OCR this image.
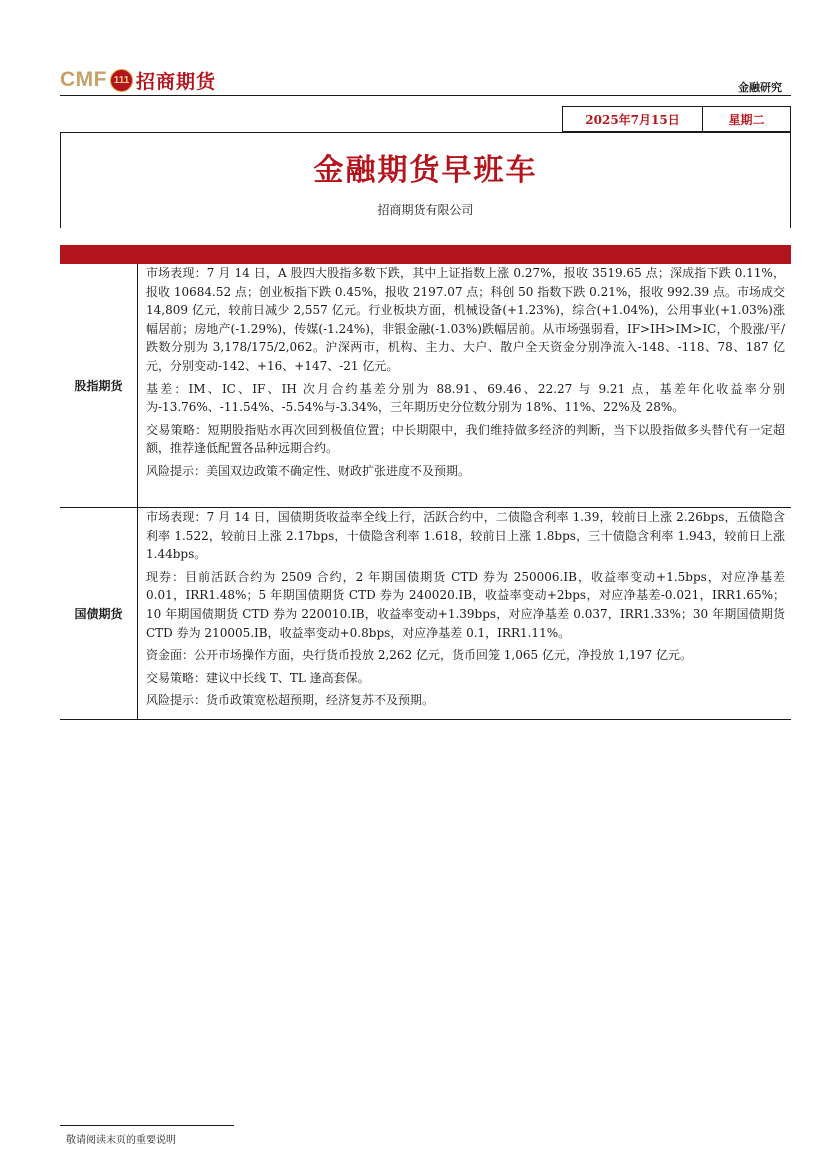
CMF 111 招商期货	金融研究
2025年7月15日	星期二
金融期货早班车
招商期货有限公司
股指期货

市场表现：7 月 14 日，A 股四大股指多数下跌，其中上证指数上涨 0.27%，报收 3519.65 点；深成指下跌 0.11%，报收 10684.52 点；创业板指下跌 0.45%，报收 2197.07 点；科创 50 指数下跌 0.21%，报收 992.39 点。市场成交 14,809 亿元，较前日减少 2,557 亿元。行业板块方面，机械设备(+1.23%)，综合(+1.04%)，公用事业(+1.03%)涨幅居前；房地产(-1.29%)，传媒(-1.24%)，非银金融(-1.03%)跌幅居前。从市场强弱看，IF>IH>IM>IC，个股涨/平/跌数分别为 3,178/175/2,062。沪深两市，机构、主力、大户、散户全天资金分别净流入-148、-118、78、187 亿元，分别变动-142、+16、+147、-21 亿元。

基差：IM、IC、IF、IH 次月合约基差分别为 88.91、69.46、22.27 与 9.21 点，基差年化收益率分别为-13.76%、-11.54%、-5.54%与-3.34%，三年期历史分位数分别为 18%、11%、22%及 28%。

交易策略：短期股指贴水再次回到极值位置；中长期限中，我们维持做多经济的判断，当下以股指做多头替代有一定超额，推荐逢低配置各品种远期合约。

风险提示：美国双边政策不确定性、财政扩张进度不及预期。

国债期货

市场表现：7 月 14 日，国债期货收益率全线上行，活跃合约中，二债隐含利率 1.39，较前日上涨 2.26bps，五债隐含利率 1.522，较前日上涨 2.17bps，十债隐含利率 1.618，较前日上涨 1.8bps，三十债隐含利率 1.943，较前日上涨 1.44bps。

现券：目前活跃合约为 2509 合约，2 年期国债期货 CTD 券为 250006.IB，收益率变动+1.5bps，对应净基差 0.01，IRR1.48%；5 年期国债期货 CTD 券为 240020.IB，收益率变动+2bps，对应净基差-0.021，IRR1.65%；10 年期国债期货 CTD 券为 220010.IB，收益率变动+1.39bps，对应净基差 0.037，IRR1.33%；30 年期国债期货 CTD 券为 210005.IB，收益率变动+0.8bps，对应净基差 0.1，IRR1.11%。

资金面：公开市场操作方面，央行货币投放 2,262 亿元，货币回笼 1,065 亿元，净投放 1,197 亿元。

交易策略：建议中长线 T、TL 逢高套保。

风险提示：货币政策宽松超预期，经济复苏不及预期。

敬请阅读末页的重要说明
